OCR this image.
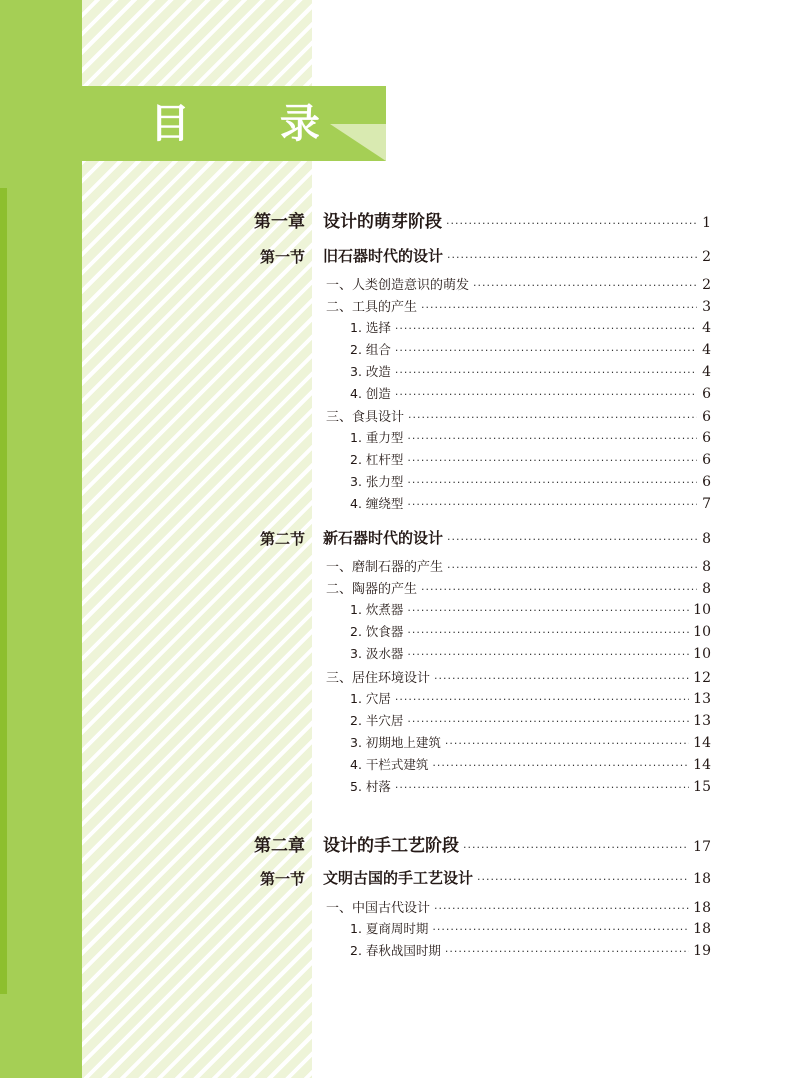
目 录
第一章 设计的萌芽阶段 ·····	1
第一节 旧石器时代的设计 ·····	2
一、人类创造意识的萌发 ·····	2
二、工具的产生 ·····	3
1. 选择 ·····	4
2. 组合 ·····	4
3. 改造 ·····	4
4. 创造 ·····	6
三、食具设计 ·····	6
1. 重力型 ·····	6
2. 杠杆型 ·····	6
3. 张力型 ·····	6
4. 缠绕型 ·····	7
第二节 新石器时代的设计 ·····	8
一、磨制石器的产生 ·····	8
二、陶器的产生 ·····	8
1. 炊煮器 ·····	10
2. 饮食器 ·····	10
3. 汲水器 ·····	10
三、居住环境设计 ·····	12
1. 穴居 ·····	13
2. 半穴居 ·····	13
3. 初期地上建筑 ·····	14
4. 干栏式建筑 ·····	14
5. 村落 ·····	15
第二章 设计的手工艺阶段 ·····	17
第一节 文明古国的手工艺设计 ·····	18
一、中国古代设计 ·····	18
1. 夏商周时期 ·····	18
2. 春秋战国时期 ·····	19
